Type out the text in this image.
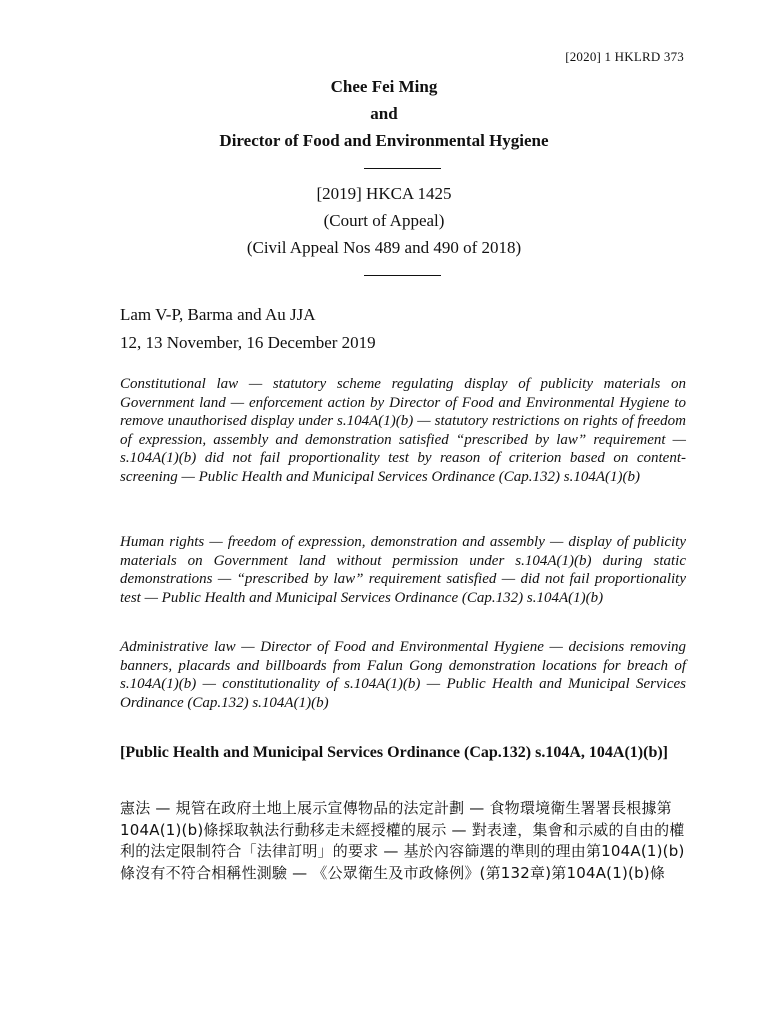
[2020] 1 HKLRD 373
Chee Fei Ming
and
Director of Food and Environmental Hygiene
[2019] HKCA 1425
(Court of Appeal)
(Civil Appeal Nos 489 and 490 of 2018)
Lam V-P, Barma and Au JJA
12, 13 November, 16 December 2019

Constitutional law — statutory scheme regulating display of publicity materials on Government land — enforcement action by Director of Food and Environmental Hygiene to remove unauthorised display under s.104A(1)(b) — statutory restrictions on rights of freedom of expression, assembly and demonstration satisfied “prescribed by law” requirement — s.104A(1)(b) did not fail proportionality test by reason of criterion based on content-screening — Public Health and Municipal Services Ordinance (Cap.132) s.104A(1)(b)

Human rights — freedom of expression, demonstration and assembly — display of publicity materials on Government land without permission under s.104A(1)(b) during static demonstrations — “prescribed by law” requirement satisfied — did not fail proportionality test — Public Health and Municipal Services Ordinance (Cap.132) s.104A(1)(b)

Administrative law — Director of Food and Environmental Hygiene — decisions removing banners, placards and billboards from Falun Gong demonstration locations for breach of s.104A(1)(b) — constitutionality of s.104A(1)(b) — Public Health and Municipal Services Ordinance (Cap.132) s.104A(1)(b)

[Public Health and Municipal Services Ordinance (Cap.132) s.104A, 104A(1)(b)]

憲法 — 規管在政府土地上展示宣傳物品的法定計劃 — 食物環境衛生署署長根據第104A(1)(b)條採取執法行動移走未經授權的展示 — 對表達，集會和示威的自由的權利的法定限制符合「法律訂明」的要求 — 基於內容篩選的準則的理由第104A(1)(b)條沒有不符合相稱性測驗 — 《公眾衛生及市政條例》(第132章)第104A(1)(b)條
